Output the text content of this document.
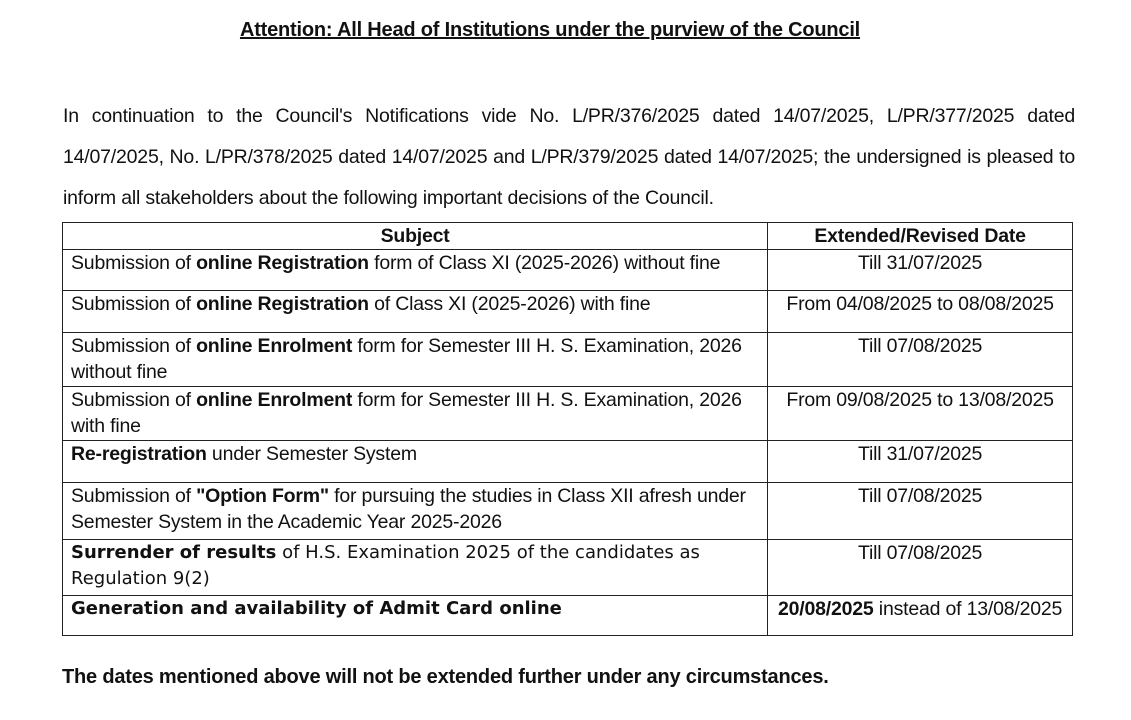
Attention: All Head of Institutions under the purview of the Council
In continuation to the Council's Notifications vide No. L/PR/376/2025 dated 14/07/2025, L/PR/377/2025 dated 14/07/2025, No. L/PR/378/2025 dated 14/07/2025 and L/PR/379/2025 dated 14/07/2025; the undersigned is pleased to inform all stakeholders about the following important decisions of the Council.
Subject	Extended/Revised Date
Submission of online Registration form of Class XI (2025-2026) without fine	Till 31/07/2025
Submission of online Registration of Class XI (2025-2026) with fine	From 04/08/2025 to 08/08/2025
Submission of online Enrolment form for Semester III H. S. Examination, 2026 without fine	Till 07/08/2025
Submission of online Enrolment form for Semester III H. S. Examination, 2026 with fine	From 09/08/2025 to 13/08/2025
Re-registration under Semester System	Till 31/07/2025
Submission of "Option Form" for pursuing the studies in Class XII afresh under Semester System in the Academic Year 2025-2026	Till 07/08/2025
Surrender of results of H.S. Examination 2025 of the candidates as Regulation 9(2)	Till 07/08/2025
Generation and availability of Admit Card online	20/08/2025 instead of 13/08/2025
The dates mentioned above will not be extended further under any circumstances.
